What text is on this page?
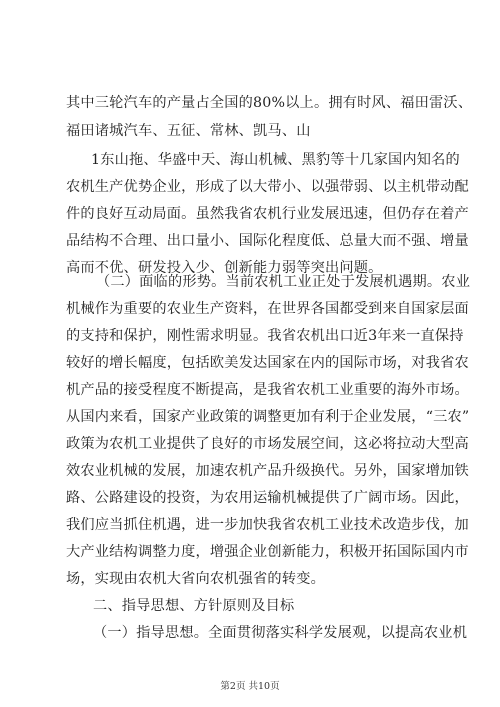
其中三轮汽车的产量占全国的80%以上。拥有时风、福田雷沃、
福田诸城汽车、五征、常林、凯马、山
1东山拖、华盛中天、海山机械、黑豹等十几家国内知名的
农机生产优势企业，形成了以大带小、以强带弱、以主机带动配
件的良好互动局面。虽然我省农机行业发展迅速，但仍存在着产
品结构不合理、出口量小、国际化程度低、总量大而不强、增量
高而不优、研发投入少、创新能力弱等突出问题。
（二）面临的形势。当前农机工业正处于发展机遇期。农业
机械作为重要的农业生产资料，在世界各国都受到来自国家层面
的支持和保护，刚性需求明显。我省农机出口近3年来一直保持
较好的增长幅度，包括欧美发达国家在内的国际市场，对我省农
机产品的接受程度不断提高，是我省农机工业重要的海外市场。
从国内来看，国家产业政策的调整更加有利于企业发展，“三农”
政策为农机工业提供了良好的市场发展空间，这必将拉动大型高
效农业机械的发展，加速农机产品升级换代。另外，国家增加铁
路、公路建设的投资，为农用运输机械提供了广阔市场。因此，
我们应当抓住机遇，进一步加快我省农机工业技术改造步伐，加
大产业结构调整力度，增强企业创新能力，积极开拓国际国内市
场，实现由农机大省向农机强省的转变。
二、指导思想、方针原则及目标
（一）指导思想。全面贯彻落实科学发展观，以提高农业机
第2页 共10页
